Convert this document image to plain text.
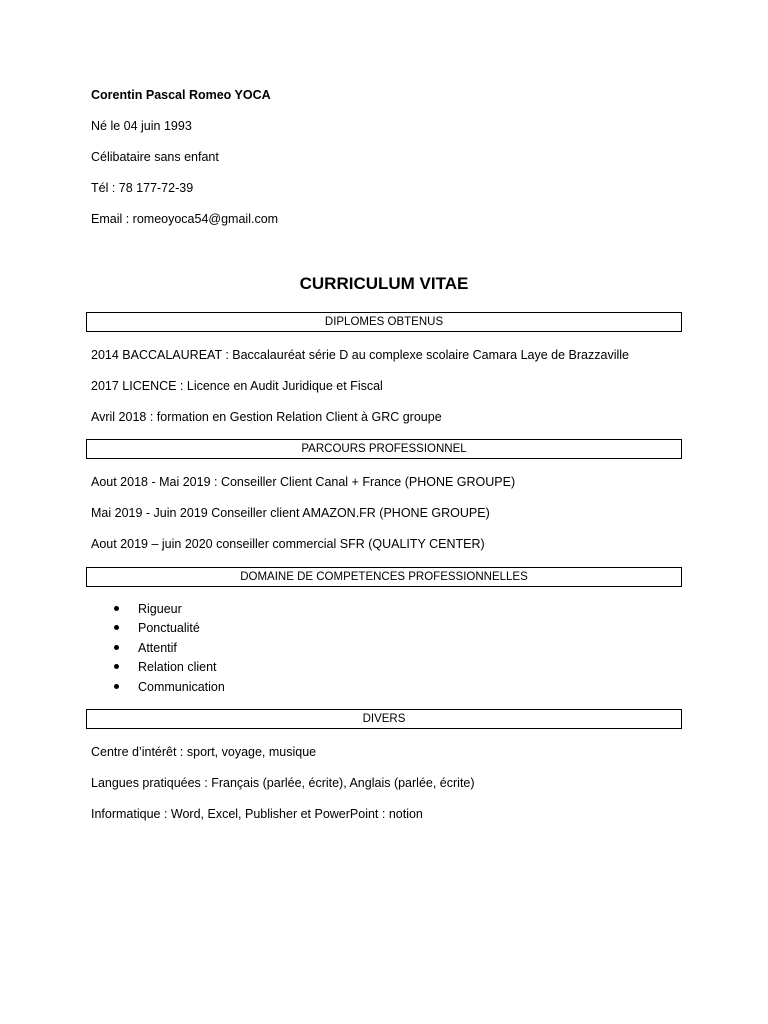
Corentin Pascal Romeo YOCA
Né le 04 juin 1993
Célibataire sans enfant
Tél : 78 177-72-39
Email : romeoyoca54@gmail.com
CURRICULUM VITAE
DIPLOMES OBTENUS
2014 BACCALAUREAT : Baccalauréat série D au complexe scolaire Camara Laye de Brazzaville
2017 LICENCE : Licence en Audit Juridique et Fiscal
Avril 2018 : formation en Gestion Relation Client à GRC groupe
PARCOURS PROFESSIONNEL
Aout 2018 - Mai 2019 : Conseiller Client Canal + France (PHONE GROUPE)
Mai 2019 - Juin 2019 Conseiller client AMAZON.FR (PHONE GROUPE)
Aout 2019 – juin 2020 conseiller commercial SFR (QUALITY CENTER)
DOMAINE DE COMPETENCES PROFESSIONNELLES
Rigueur
Ponctualité
Attentif
Relation client
Communication
DIVERS
Centre d’intérêt : sport, voyage, musique
Langues pratiquées : Français (parlée, écrite), Anglais (parlée, écrite)
Informatique : Word, Excel, Publisher et PowerPoint : notion
